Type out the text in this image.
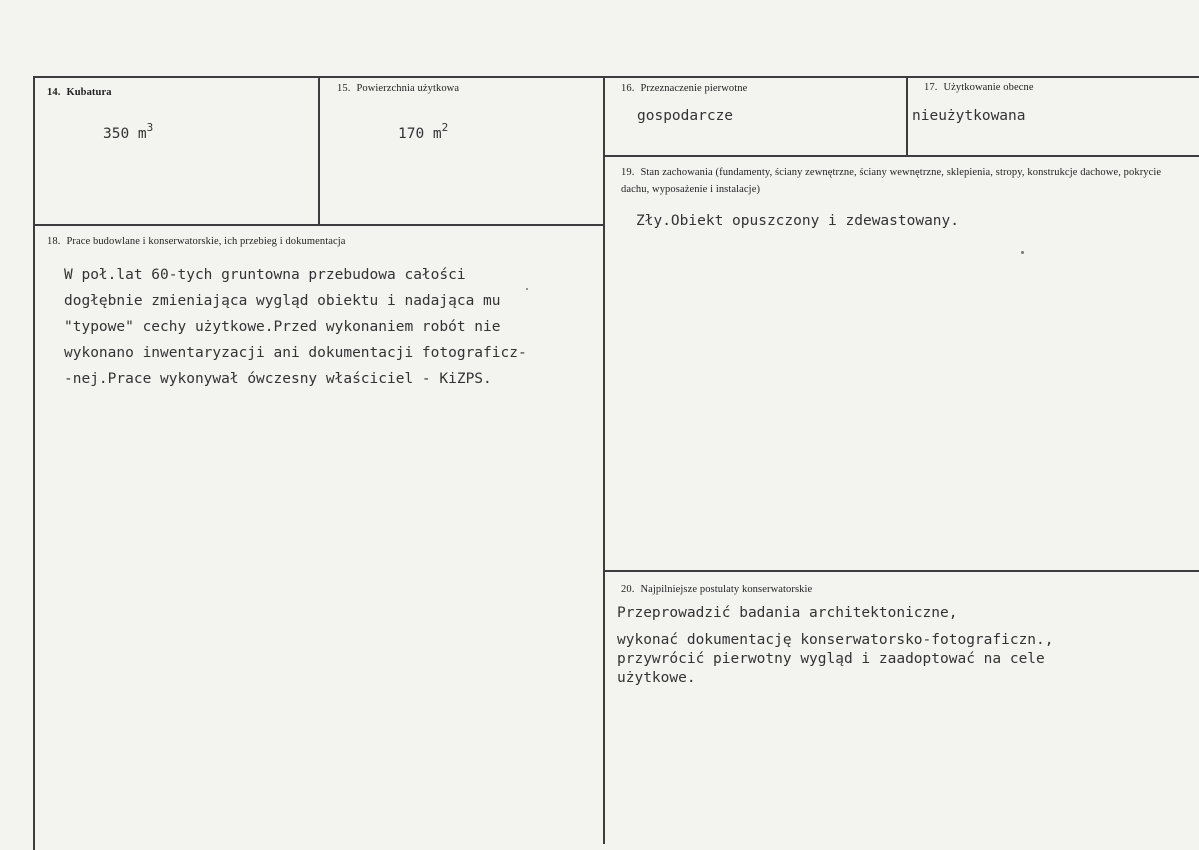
14. Kubatura
350 $m^3$
15. Powierzchnia użytkowa
170 $m^2$
16. Przeznaczenie pierwotne
gospodarcze
17. Użytkowanie obecne
nieużytkowana
19. Stan zachowania (fundamenty, ściany zewnętrzne, ściany wewnętrzne, sklepienia, stropy, konstrukcje dachowe, pokrycie dachu, wyposażenie i instalacje)
Zły.Obiekt opuszczony i zdewastowany.
18. Prace budowlane i konserwatorskie, ich przebieg i dokumentacja
W poł.lat 60-tych gruntowna przebudowa całości
dogłębnie zmieniająca wygląd obiektu i nadająca mu
"typowe" cechy użytkowe.Przed wykonaniem robót nie
wykonano inwentaryzacji ani dokumentacji fotograficz-
-nej.Prace wykonywał ówczesny właściciel - KiZPS.
20. Najpilniejsze postulaty konserwatorskie
Przeprowadzić badania architektoniczne,
wykonać dokumentację konserwatorsko-fotograficzn.,
przywrócić pierwotny wygląd i zaadoptować na cele
użytkowe.
